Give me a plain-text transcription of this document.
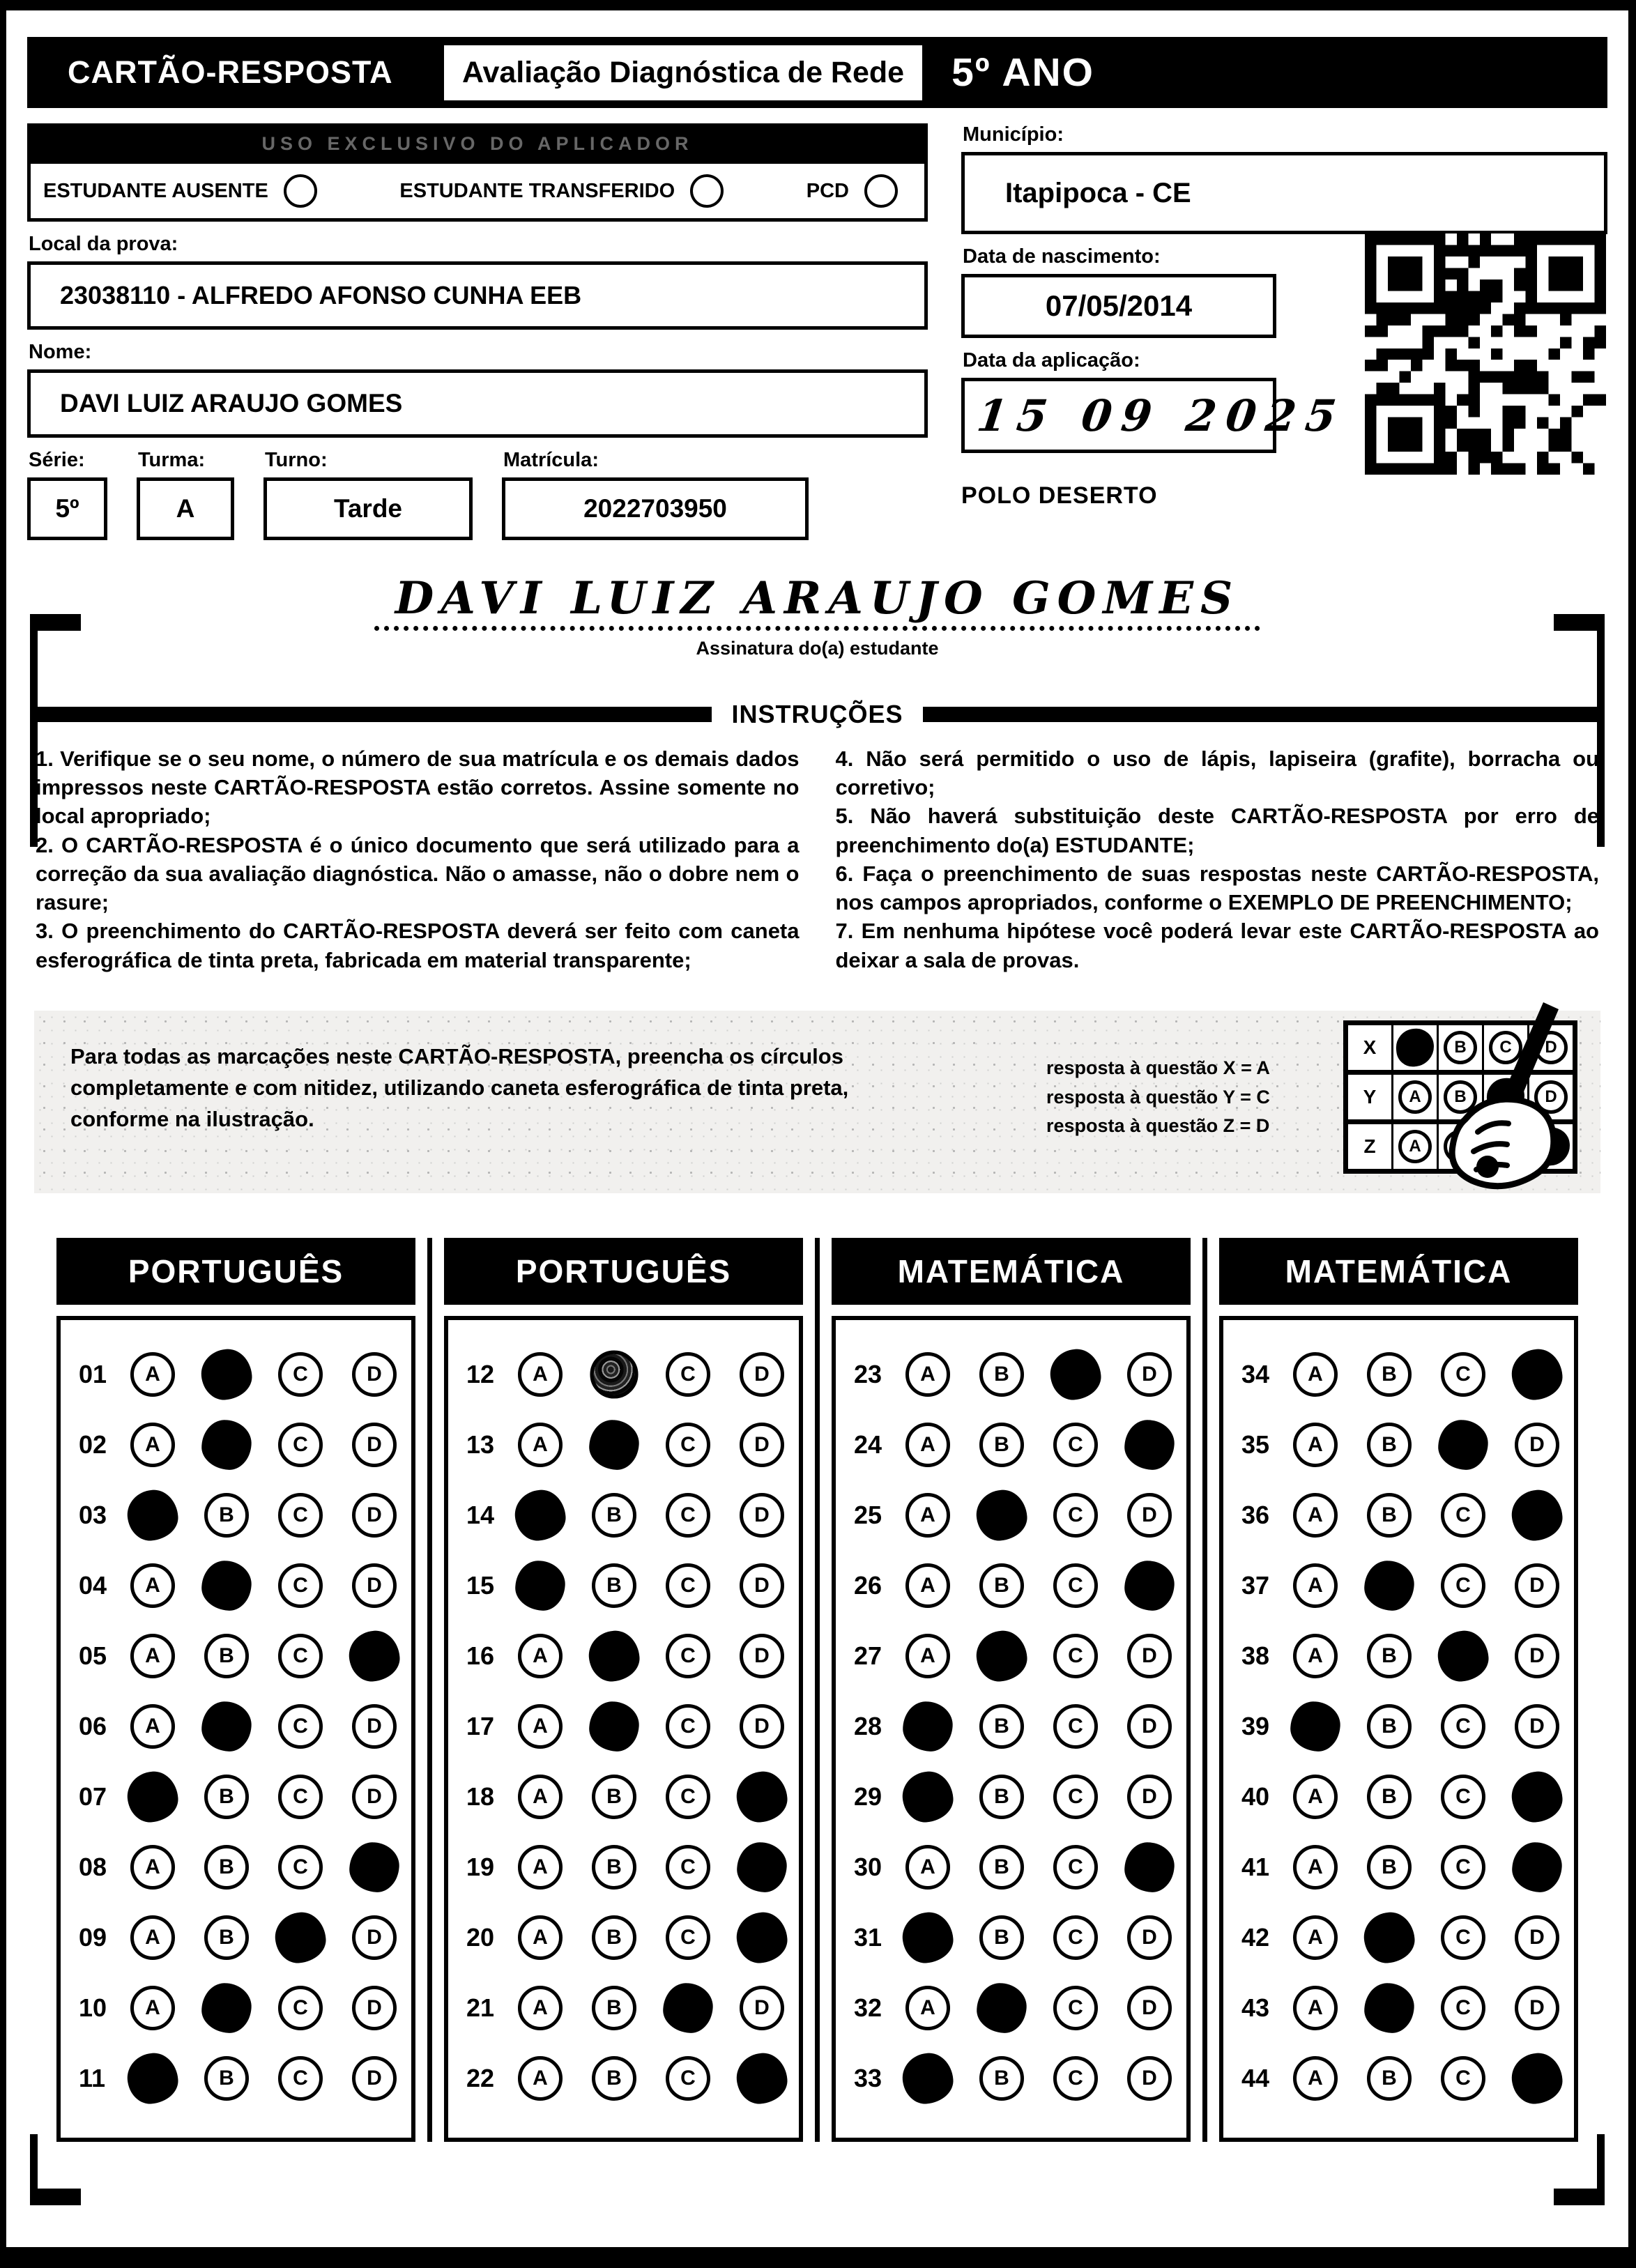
CARTÃO-RESPOSTA	Avaliação Diagnóstica de Rede	5º ANO
USO EXCLUSIVO DO APLICADOR
ESTUDANTE AUSENTE	ESTUDANTE TRANSFERIDO	PCD
Local da prova:
23038110 - ALFREDO AFONSO CUNHA EEB
Nome:
DAVI LUIZ ARAUJO GOMES
Série:
5º
Turma:
A
Turno:
Tarde
Matrícula:
2022703950
Município:
Itapipoca - CE
Data de nascimento:
07/05/2014
Data da aplicação:
15 09 2025
POLO DESERTO
DAVI LUIZ ARAUJO GOMES
Assinatura do(a) estudante
INSTRUÇÕES

1. Verifique se o seu nome, o número de sua matrícula e os demais dados impressos neste CARTÃO-RESPOSTA estão corretos. Assine somente no local apropriado;

2. O CARTÃO-RESPOSTA é o único documento que será utilizado para a correção da sua avaliação diagnóstica. Não o amasse, não o dobre nem o rasure;

3. O preenchimento do CARTÃO-RESPOSTA deverá ser feito com caneta esferográfica de tinta preta, fabricada em material transparente;

4. Não será permitido o uso de lápis, lapiseira (grafite), borracha ou corretivo;

5. Não haverá substituição deste CARTÃO-RESPOSTA por erro de preenchimento do(a) ESTUDANTE;

6. Faça o preenchimento de suas respostas neste CARTÃO-RESPOSTA, nos campos apropriados, conforme o EXEMPLO DE PREENCHIMENTO;

7. Em nenhuma hipótese você poderá levar este CARTÃO-RESPOSTA ao deixar a sala de provas.

Para todas as marcações neste CARTÃO-RESPOSTA, preencha os círculos completamente e com nitidez, utilizando caneta esferográfica de tinta preta, conforme na ilustração.
resposta à questão X = A
resposta à questão Y = C
resposta à questão Z = D
X	B	C	D
Y	A	B	D
Z	A
PORTUGUÊS
01	A	C	D
02	A	C	D
03	B	C	D
04	A	C	D
05	A	B	C
06	A	C	D
07	B	C	D
08	A	B	C
09	A	B	D
10	A	C	D
11	B	C	D
PORTUGUÊS
12	A	C	D
13	A	C	D
14	B	C	D
15	B	C	D
16	A	C	D
17	A	C	D
18	A	B	C
19	A	B	C
20	A	B	C
21	A	B	D
22	A	B	C
MATEMÁTICA
23	A	B	D
24	A	B	C
25	A	C	D
26	A	B	C
27	A	C	D
28	B	C	D
29	B	C	D
30	A	B	C
31	B	C	D
32	A	C	D
33	B	C	D
MATEMÁTICA
34	A	B	C
35	A	B	D
36	A	B	C
37	A	C	D
38	A	B	D
39	B	C	D
40	A	B	C
41	A	B	C
42	A	C	D
43	A	C	D
44	A	B	C
